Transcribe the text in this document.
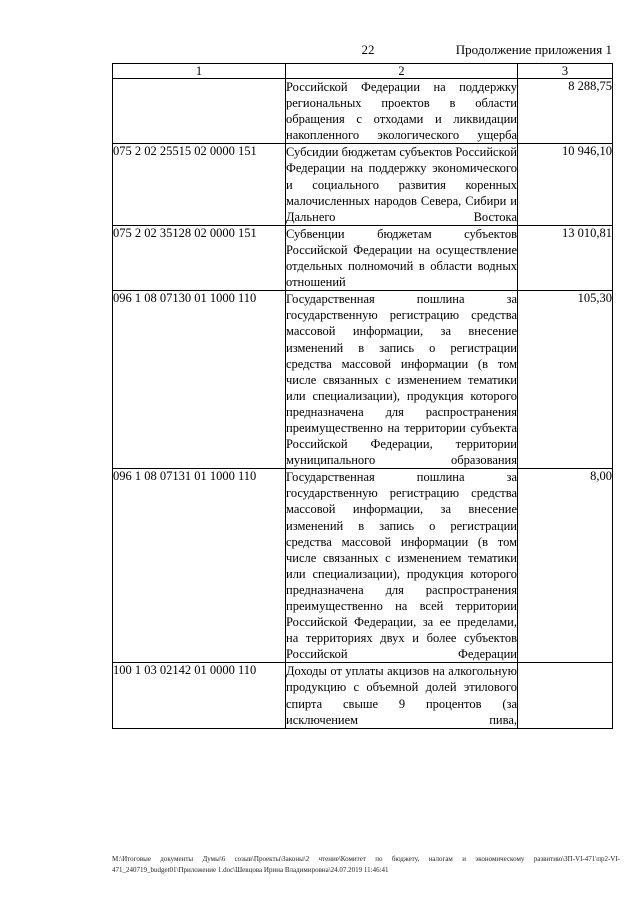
22	Продолжение приложения 1
1	2	3
	Российской Федерации на поддержку региональных проектов в области обращения с отходами и ликвидации накопленного экологического ущерба	8 288,75
075 2 02 25515 02 0000 151	Субсидии бюджетам субъектов Российской Федерации на поддержку экономического и социального развития коренных малочисленных народов Севера, Сибири и Дальнего Востока	10 946,10
075 2 02 35128 02 0000 151	Субвенции бюджетам субъектов Российской Федерации на осуществление отдельных полномочий в области водных отношений	13 010,81
096 1 08 07130 01 1000 110	Государственная пошлина за государственную регистрацию средства массовой информации, за внесение изменений в запись о регистрации средства массовой информации (в том числе связанных с изменением тематики или специализации), продукция которого предназначена для распространения преимущественно на территории субъекта Российской Федерации, территории муниципального образования	105,30
096 1 08 07131 01 1000 110	Государственная пошлина за государственную регистрацию средства массовой информации, за внесение изменений в запись о регистрации средства массовой информации (в том числе связанных с изменением тематики или специализации), продукция которого предназначена для распространения преимущественно на всей территории Российской Федерации, за ее пределами, на территориях двух и более субъектов Российской Федерации	8,00
100 1 03 02142 01 0000 110	Доходы от уплаты акцизов на алкогольную продукцию с объемной долей этилового спирта свыше 9 процентов (за исключением пива,	
M:\Итоговые документы Думы\6 созыв\Проекты\Законы\2 чтение\Комитет по бюджету, налогам и экономическому развитию\ЗП-VI-471\пр2-VI-471_240719_budget01\Приложение 1.doc\Шевцова Ирина Владимировна\24.07.2019 11:46:41
